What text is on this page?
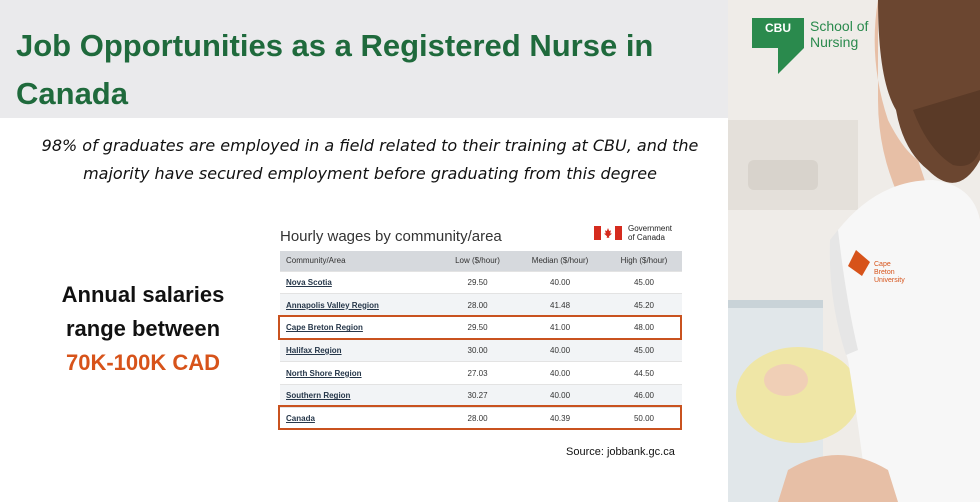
Job Opportunities as a Registered Nurse in Canada
98% of graduates are employed in a field related to their training at CBU, and the majority have secured employment before graduating from this degree
Annual salaries
range between
70K-100K CAD
Hourly wages by community/area	Government
of Canada
Community/Area	Low ($/hour)	Median ($/hour)	High ($/hour)
Nova Scotia	29.50	40.00	45.00
Annapolis Valley Region	28.00	41.48	45.20
Cape Breton Region	29.50	41.00	48.00
Halifax Region	30.00	40.00	45.00
North Shore Region	27.03	40.00	44.50
Southern Region	30.27	40.00	46.00
Canada	28.00	40.39	50.00
Source: jobbank.gc.ca
Cape
Breton
University
CBU School of
Nursing
